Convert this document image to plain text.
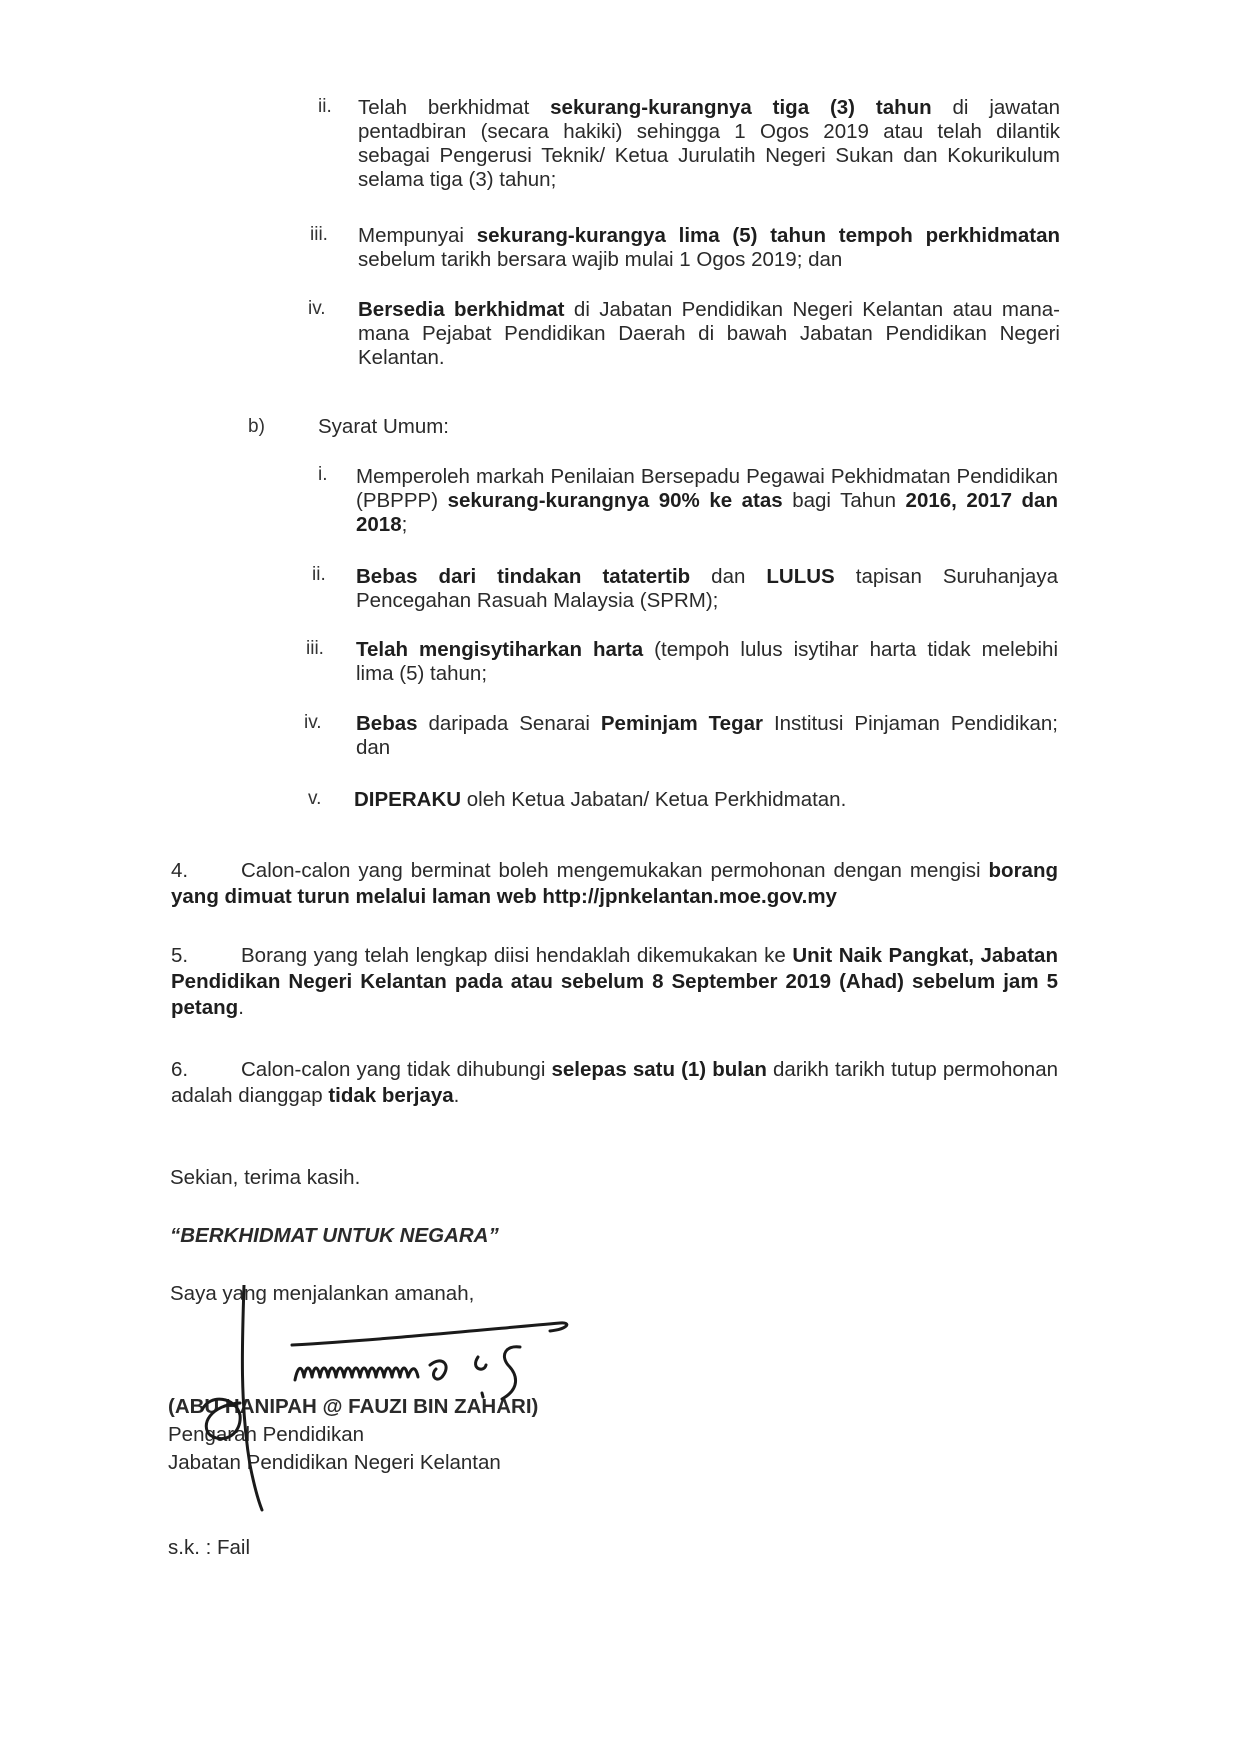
ii. Telah berkhidmat sekurang-kurangnya tiga (3) tahun di jawatan pentadbiran (secara hakiki) sehingga 1 Ogos 2019 atau telah dilantik sebagai Pengerusi Teknik/ Ketua Jurulatih Negeri Sukan dan Kokurikulum selama tiga (3) tahun;
iii. Mempunyai sekurang-kurangya lima (5) tahun tempoh perkhidmatan sebelum tarikh bersara wajib mulai 1 Ogos 2019; dan
iv. Bersedia berkhidmat di Jabatan Pendidikan Negeri Kelantan atau mana-mana Pejabat Pendidikan Daerah di bawah Jabatan Pendidikan Negeri Kelantan.
b)	Syarat Umum:
i. Memperoleh markah Penilaian Bersepadu Pegawai Pekhidmatan Pendidikan (PBPPP) sekurang-kurangnya 90% ke atas bagi Tahun 2016, 2017 dan 2018;
ii. Bebas dari tindakan tatatertib dan LULUS tapisan Suruhanjaya Pencegahan Rasuah Malaysia (SPRM);
iii. Telah mengisytiharkan harta (tempoh lulus isytihar harta tidak melebihi lima (5) tahun;
iv. Bebas daripada Senarai Peminjam Tegar Institusi Pinjaman Pendidikan; dan
v. DIPERAKU oleh Ketua Jabatan/ Ketua Perkhidmatan.
4.	Calon-calon yang berminat boleh mengemukakan permohonan dengan mengisi borang yang dimuat turun melalui laman web http://jpnkelantan.moe.gov.my
5.	Borang yang telah lengkap diisi hendaklah dikemukakan ke Unit Naik Pangkat, Jabatan Pendidikan Negeri Kelantan pada atau sebelum 8 September 2019 (Ahad) sebelum jam 5 petang.
6.	Calon-calon yang tidak dihubungi selepas satu (1) bulan darikh tarikh tutup permohonan adalah dianggap tidak berjaya.
Sekian, terima kasih.
“BERKHIDMAT UNTUK NEGARA”
Saya yang menjalankan amanah,
(ABU HANIPAH @ FAUZI BIN ZAHARI)
Pengarah Pendidikan
Jabatan Pendidikan Negeri Kelantan
s.k. : Fail
